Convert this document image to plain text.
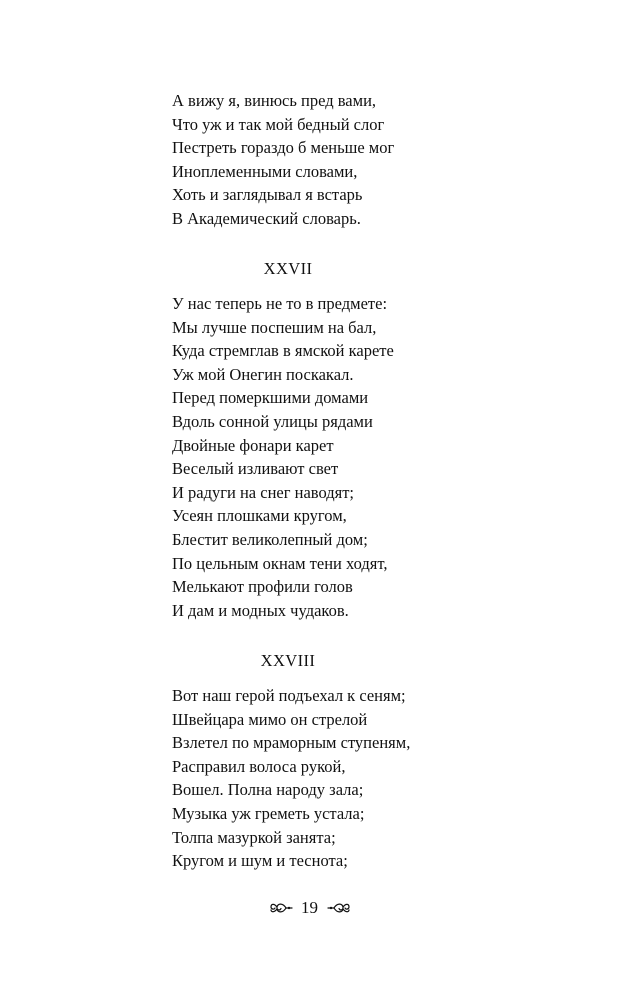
А вижу я, винюсь пред вами,
Что уж и так мой бедный слог
Пестреть гораздо б меньше мог
Иноплеменными словами,
Хоть и заглядывал я встарь
В Академический словарь.
XXVII
У нас теперь не то в предмете:
Мы лучше поспешим на бал,
Куда стремглав в ямской карете
Уж мой Онегин поскакал.
Перед померкшими домами
Вдоль сонной улицы рядами
Двойные фонари карет
Веселый изливают свет
И радуги на снег наводят;
Усеян плошками кругом,
Блестит великолепный дом;
По цельным окнам тени ходят,
Мелькают профили голов
И дам и модных чудаков.
XXVIII
Вот наш герой подъехал к сеням;
Швейцара мимо он стрелой
Взлетел по мраморным ступеням,
Расправил волоса рукой,
Вошел. Полна народу зала;
Музыка уж греметь устала;
Толпа мазуркой занята;
Кругом и шум и теснота;
19
